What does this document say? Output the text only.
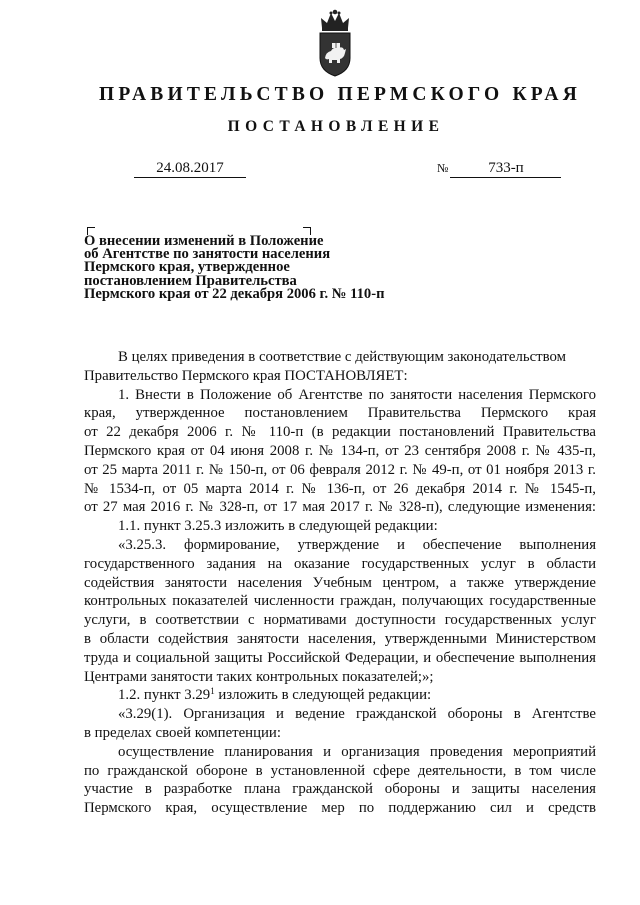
ПРАВИТЕЛЬСТВО ПЕРМСКОГО КРАЯ
ПОСТАНОВЛЕНИЕ
24.08.2017	№	733-п
О внесении изменений в Положение
об Агентстве по занятости населения
Пермского края, утвержденное
постановлением Правительства
Пермского края от 22 декабря 2006 г. № 110-п
В целях приведения в соответствие с действующим законодательством
Правительство Пермского края ПОСТАНОВЛЯЕТ:
1. Внести в Положение об Агентстве по занятости населения Пермского
края, утвержденное постановлением Правительства Пермского края
от 22 декабря 2006 г. № 110-п (в редакции постановлений Правительства
Пермского края от 04 июня 2008 г. № 134-п, от 23 сентября 2008 г. № 435-п,
от 25 марта 2011 г. № 150-п, от 06 февраля 2012 г. № 49-п, от 01 ноября 2013 г.
№ 1534-п, от 05 марта 2014 г. № 136-п, от 26 декабря 2014 г. № 1545-п,
от 27 мая 2016 г. № 328-п, от 17 мая 2017 г. № 328-п), следующие изменения:
1.1. пункт 3.25.3 изложить в следующей редакции:
«3.25.3. формирование, утверждение и обеспечение выполнения
государственного задания на оказание государственных услуг в области
содействия занятости населения Учебным центром, а также утверждение
контрольных показателей численности граждан, получающих государственные
услуги, в соответствии с нормативами доступности государственных услуг
в области содействия занятости населения, утвержденными Министерством
труда и социальной защиты Российской Федерации, и обеспечение выполнения
Центрами занятости таких контрольных показателей;»;
1.2. пункт 3.29$^1$ изложить в следующей редакции:
«3.29(1). Организация и ведение гражданской обороны в Агентстве
в пределах своей компетенции:
осуществление планирования и организация проведения мероприятий
по гражданской обороне в установленной сфере деятельности, в том числе
участие в разработке плана гражданской обороны и защиты населения
Пермского края, осуществление мер по поддержанию сил и средств
